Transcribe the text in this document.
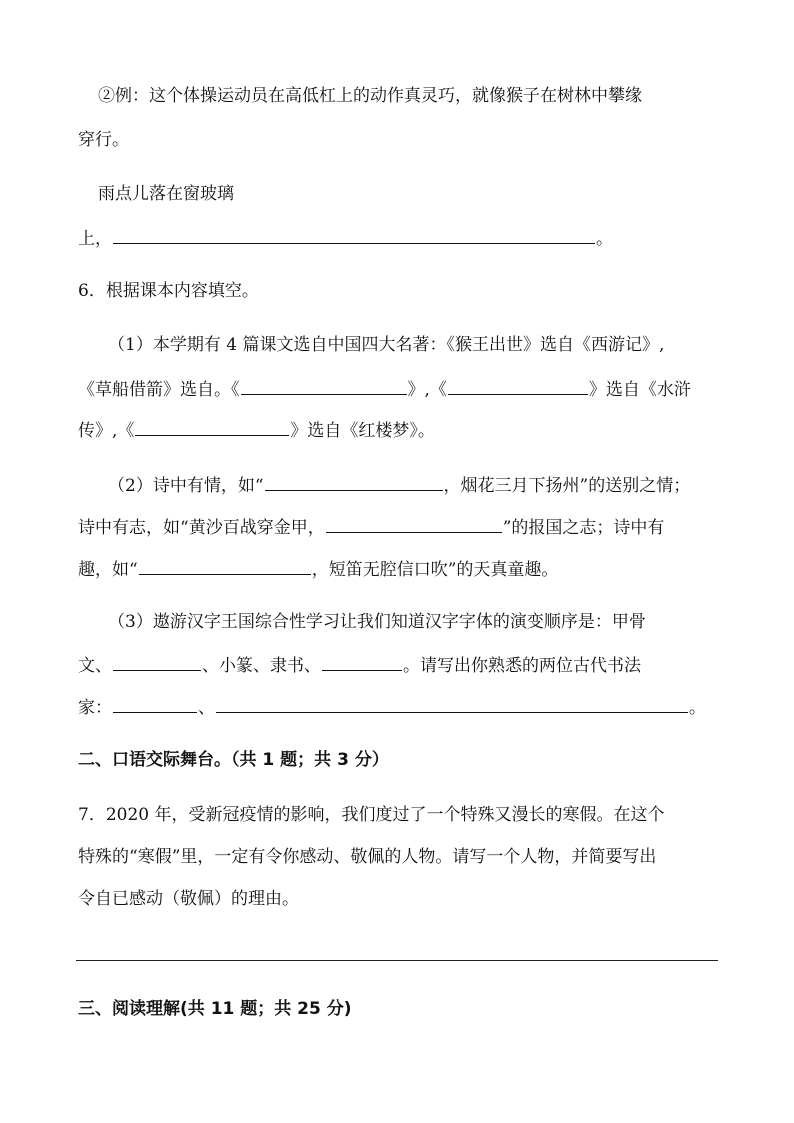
②例：这个体操运动员在高低杠上的动作真灵巧，就像猴子在树林中攀缘
穿行。
雨点儿落在窗玻璃
上，	。
6．根据课本内容填空。
（1）本学期有 4 篇课文选自中国四大名著：《猴王出世》选自《西游记》,
《草船借箭》选自。《	》,《	》选自《水浒
传》,《	》选自《红楼梦》。
（2）诗中有情，如“	，烟花三月下扬州”的送别之情；
诗中有志，如“黄沙百战穿金甲，	”的报国之志；诗中有
趣，如“	，短笛无腔信口吹”的天真童趣。
（3）遨游汉字王国综合性学习让我们知道汉字字体的演变顺序是：甲骨
文、	、小篆、隶书、	。请写出你熟悉的两位古代书法
家：	、	。
二、口语交际舞台。（共 1 题；共 3 分）
7．2020 年，受新冠疫情的影响，我们度过了一个特殊又漫长的寒假。在这个
特殊的“寒假”里，一定有令你感动、敬佩的人物。请写一个人物，并简要写出
令自已感动（敬佩）的理由。
三、阅读理解(共 11 题；共 25 分)
